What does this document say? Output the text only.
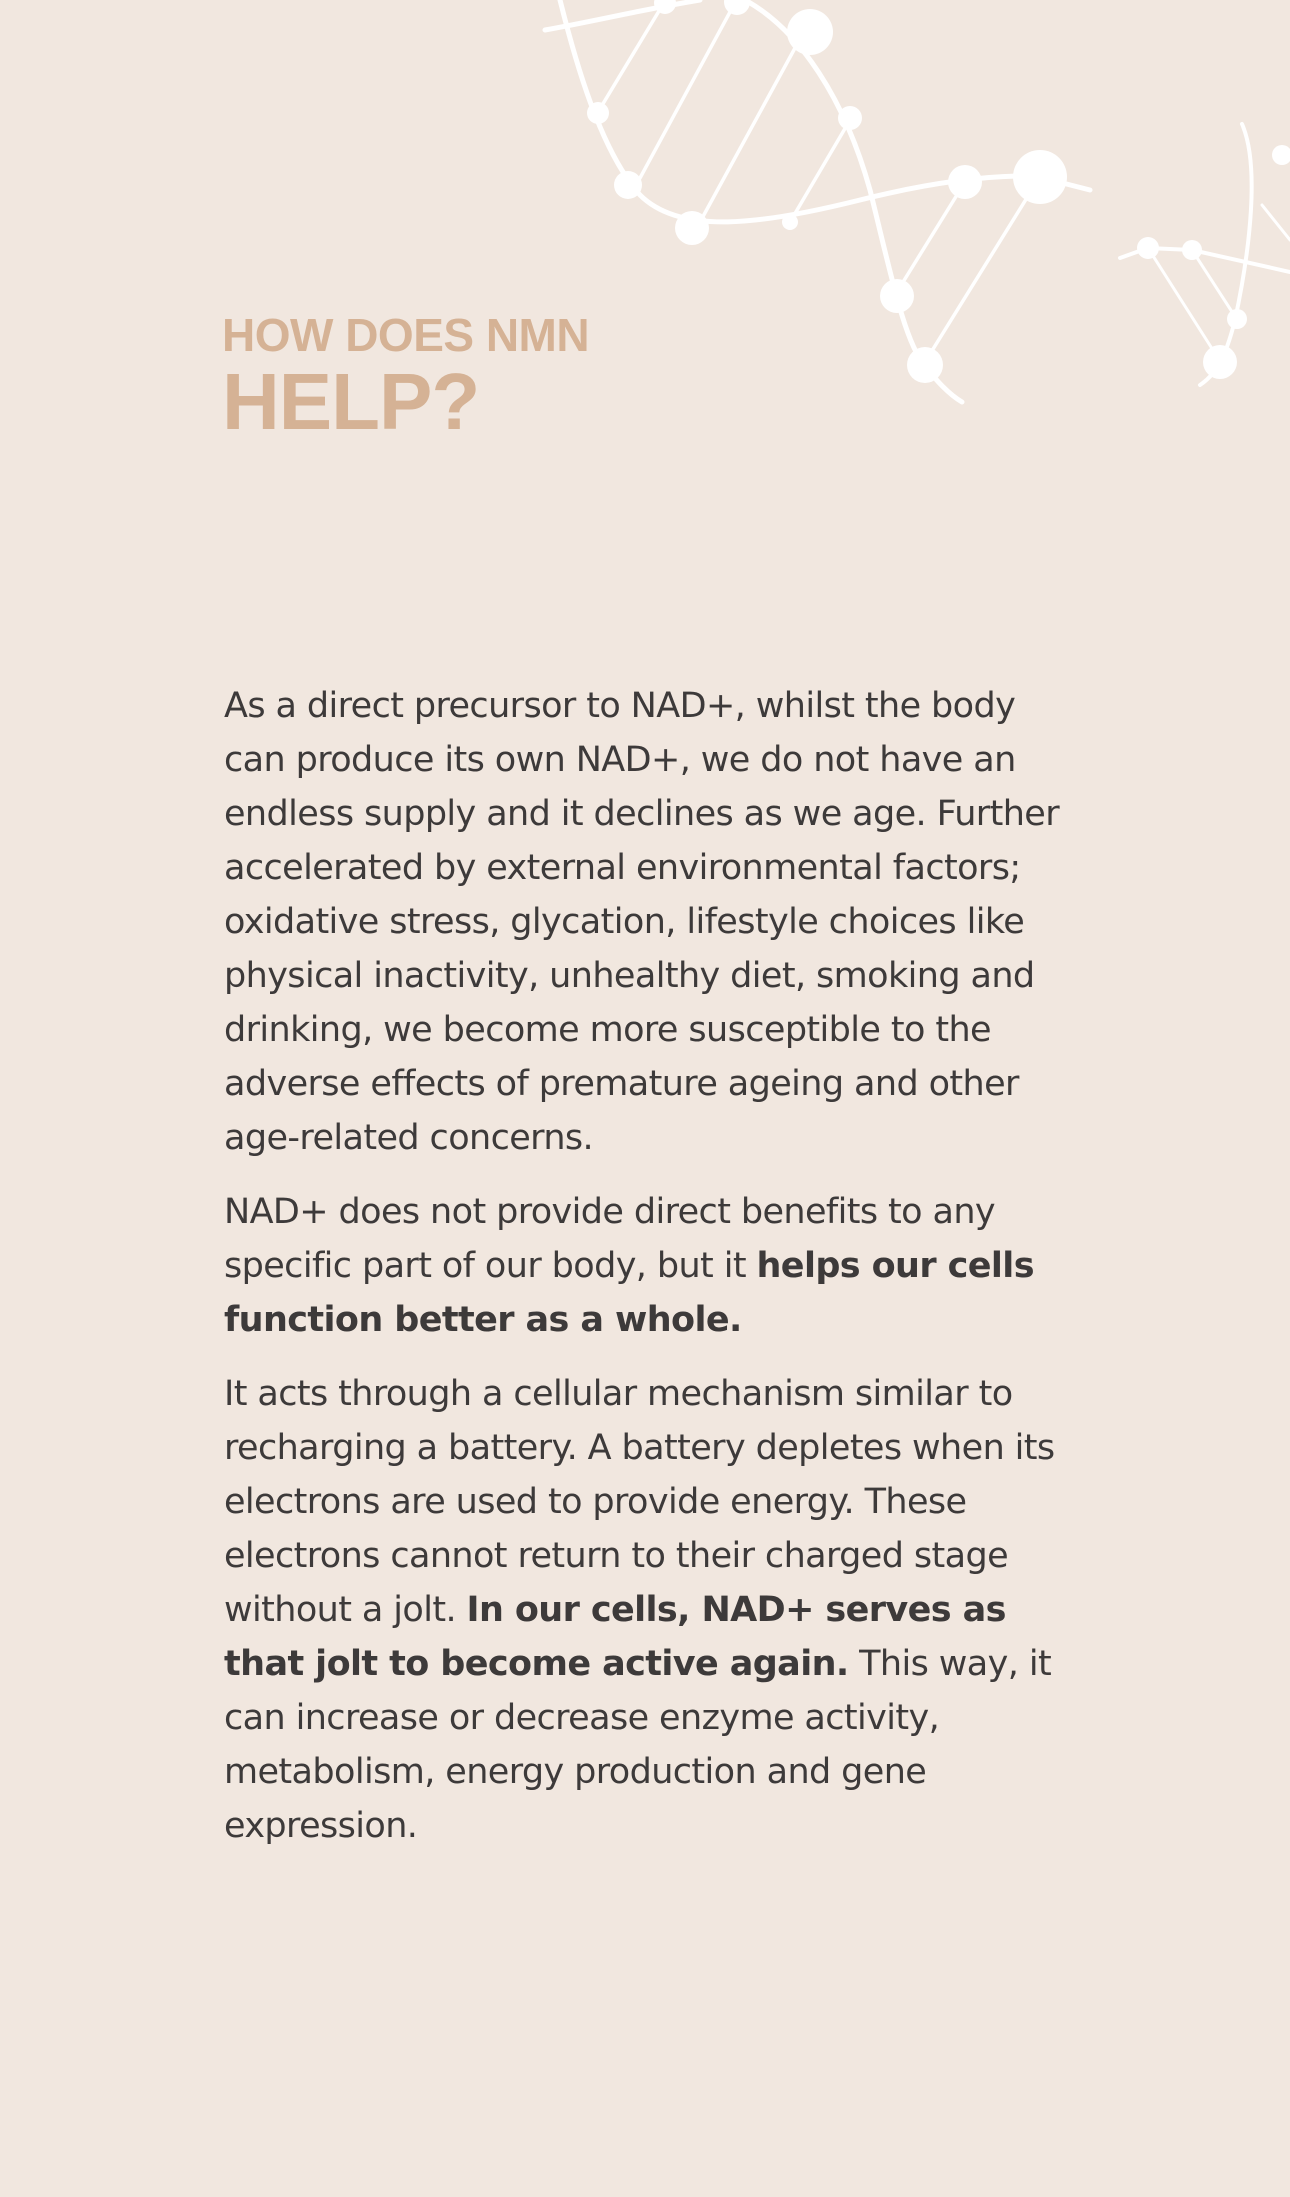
HOW DOES NMN
HELP?

As a direct precursor to NAD+, whilst the body can produce its own NAD+, we do not have an endless supply and it declines as we age. Further accelerated by external environmental factors; oxidative stress, glycation, lifestyle choices like physical inactivity, unhealthy diet, smoking and drinking, we become more susceptible to the adverse effects of premature ageing and other age-related concerns.

NAD+ does not provide direct benefits to any specific part of our body, but it helps our cells function better as a whole.

It acts through a cellular mechanism similar to recharging a battery. A battery depletes when its electrons are used to provide energy. These electrons cannot return to their charged stage without a jolt. In our cells, NAD+ serves as that jolt to become active again. This way, it can increase or decrease enzyme activity, metabolism, energy production and gene expression.
